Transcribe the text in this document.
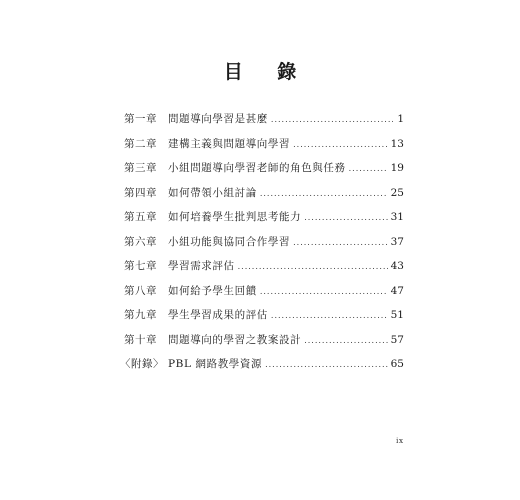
目 錄
第一章	問題導向學習是甚麼 .....	1
第二章	建構主義與問題導向學習 .....	13
第三章	小組問題導向學習老師的角色與任務 .....	19
第四章	如何帶領小組討論 .....	25
第五章	如何培養學生批判思考能力 .....	31
第六章	小組功能與協同合作學習 .....	37
第七章	學習需求評估 .....	43
第八章	如何給予學生回饋 .....	47
第九章	學生學習成果的評估 .....	51
第十章	問題導向的學習之教案設計 .....	57
〈附錄〉 PBL 網路教學資源 .....	65
ix
